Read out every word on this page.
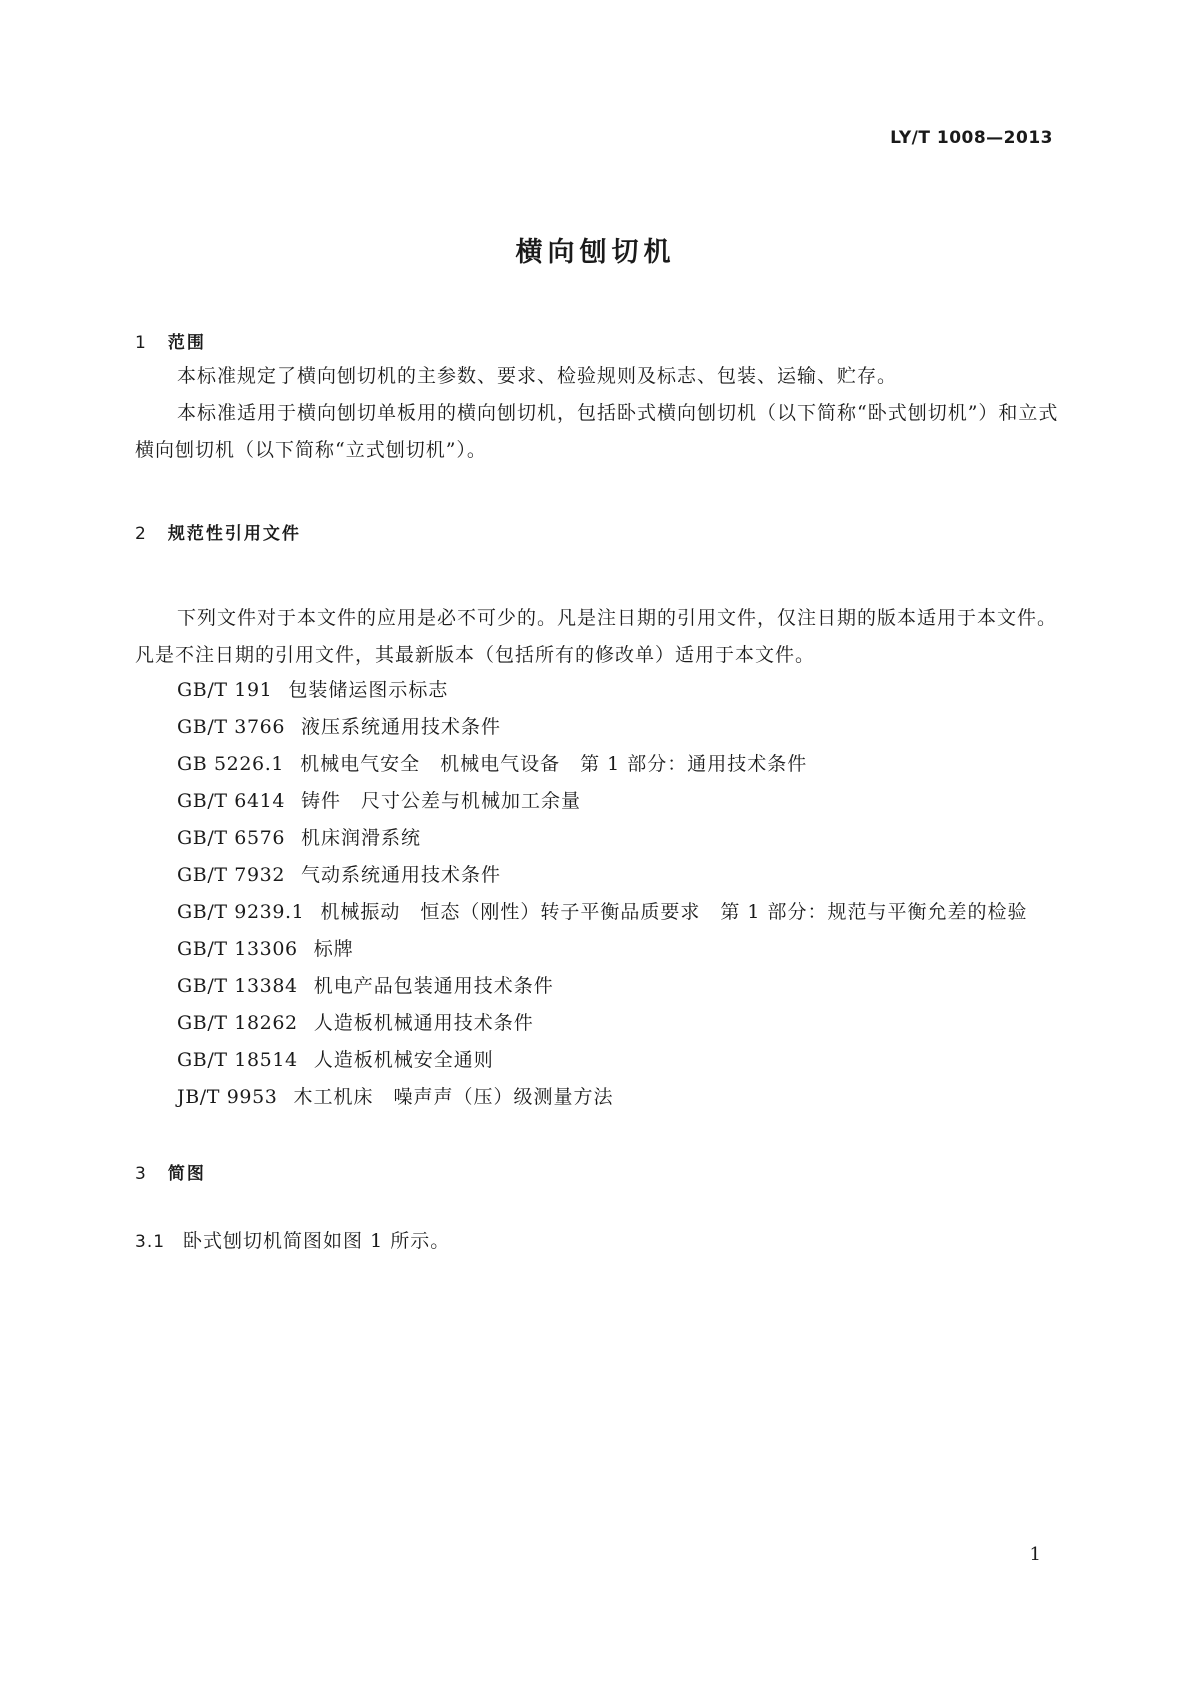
LY/T 1008—2013
横向刨切机
1 范围

本标准规定了横向刨切机的主参数、要求、检验规则及标志、包装、运输、贮存。

本标准适用于横向刨切单板用的横向刨切机，包括卧式横向刨切机（以下简称“卧式刨切机”）和立式横向刨切机（以下简称“立式刨切机”）。

2 规范性引用文件

下列文件对于本文件的应用是必不可少的。凡是注日期的引用文件，仅注日期的版本适用于本文件。凡是不注日期的引用文件，其最新版本（包括所有的修改单）适用于本文件。

GB/T 191 包装储运图示标志
GB/T 3766 液压系统通用技术条件
GB 5226.1 机械电气安全　机械电气设备　第 1 部分：通用技术条件
GB/T 6414 铸件　尺寸公差与机械加工余量
GB/T 6576 机床润滑系统
GB/T 7932 气动系统通用技术条件
GB/T 9239.1 机械振动　恒态（刚性）转子平衡品质要求　第 1 部分：规范与平衡允差的检验
GB/T 13306 标牌
GB/T 13384 机电产品包装通用技术条件
GB/T 18262 人造板机械通用技术条件
GB/T 18514 人造板机械安全通则
JB/T 9953 木工机床　噪声声（压）级测量方法
3 简图
3.1 卧式刨切机简图如图 1 所示。
1
